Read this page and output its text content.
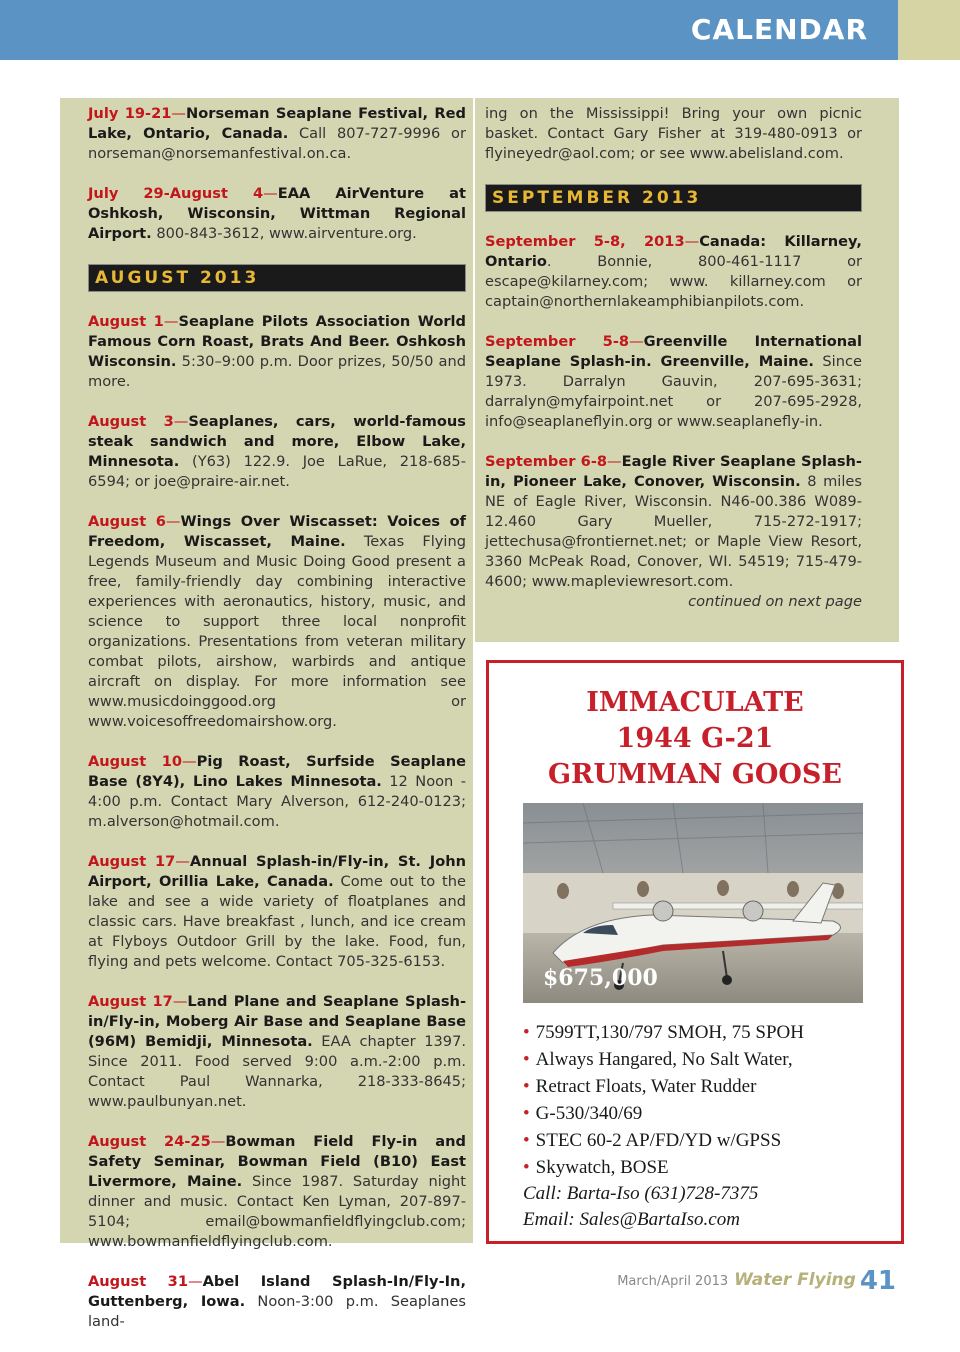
CALENDAR
July 19-21—Norseman Seaplane Festival, Red Lake, Ontario, Canada. Call 807-727-9996 or norseman@norsemanfestival.on.ca.
July 29-August 4—EAA AirVenture at Oshkosh, Wisconsin, Wittman Regional Airport. 800-843-3612, www.airventure.org.
AUGUST 2013
August 1—Seaplane Pilots Association World Famous Corn Roast, Brats And Beer. Oshkosh Wisconsin. 5:30–9:00 p.m. Door prizes, 50/50 and more.
August 3—Seaplanes, cars, world-famous steak sandwich and more, Elbow Lake, Minnesota. (Y63) 122.9. Joe LaRue, 218-685-6594; or joe@praire-air.net.
August 6—Wings Over Wiscasset: Voices of Freedom, Wiscasset, Maine. Texas Flying Legends Museum and Music Doing Good present a free, family-friendly day combining interactive experiences with aeronautics, history, music, and science to support three local nonprofit organizations. Presentations from veteran military combat pilots, airshow, warbirds and antique aircraft on display. For more information see www.musicdoinggood.org or www.voicesoffreedomairshow.org.
August 10—Pig Roast, Surfside Seaplane Base (8Y4), Lino Lakes Minnesota. 12 Noon - 4:00 p.m. Contact Mary Alverson, 612-240-0123; m.alverson@hotmail.com.
August 17—Annual Splash-in/Fly-in, St. John Airport, Orillia Lake, Canada. Come out to the lake and see a wide variety of floatplanes and classic cars. Have breakfast , lunch, and ice cream at Flyboys Outdoor Grill by the lake. Food, fun, flying and pets welcome. Contact 705-325-6153.
August 17—Land Plane and Seaplane Splash-in/Fly-in, Moberg Air Base and Seaplane Base (96M) Bemidji, Minnesota. EAA chapter 1397. Since 2011. Food served 9:00 a.m.-2:00 p.m. Contact Paul Wannarka, 218-333-8645; www.paulbunyan.net.
August 24-25—Bowman Field Fly-in and Safety Seminar, Bowman Field (B10) East Livermore, Maine. Since 1987. Saturday night dinner and music. Contact Ken Lyman, 207-897-5104; email@bowmanfieldflyingclub.com; www.bowmanfieldflyingclub.com.
August 31—Abel Island Splash-In/Fly-In, Guttenberg, Iowa. Noon-3:00 p.m. Seaplanes land-
ing on the Mississippi! Bring your own picnic basket. Contact Gary Fisher at 319-480-0913 or flyineyedr@aol.com; or see www.abelisland.com.
SEPTEMBER 2013
September 5-8, 2013—Canada: Killarney, Ontario. Bonnie, 800-461-1117 or escape@kilarney.com; www. killarney.com or captain@northernlakeamphibianpilots.com.
September 5-8—Greenville International Seaplane Splash-in. Greenville, Maine. Since 1973. Darralyn Gauvin, 207-695-3631; darralyn@myfairpoint.net or 207-695-2928, info@seaplaneflyin.org or www.seaplanefly-in.
September 6-8—Eagle River Seaplane Splash-in, Pioneer Lake, Conover, Wisconsin. 8 miles NE of Eagle River, Wisconsin. N46-00.386 W089-12.460 Gary Mueller, 715-272-1917; jettechusa@frontiernet.net; or Maple View Resort, 3360 McPeak Road, Conover, WI. 54519; 715-479-4600; www.mapleviewresort.com.
continued on next page
IMMACULATE
1944 G-21
GRUMMAN GOOSE
$675,000
• 7599TT,130/797 SMOH, 75 SPOH
• Always Hangared, No Salt Water,
• Retract Floats, Water Rudder
• G-530/340/69
• STEC 60-2 AP/FD/YD w/GPSS
• Skywatch, BOSE
Call: Barta-Iso (631)728-7375
Email: Sales@BartaIso.com
March/April 2013 Water Flying 41
